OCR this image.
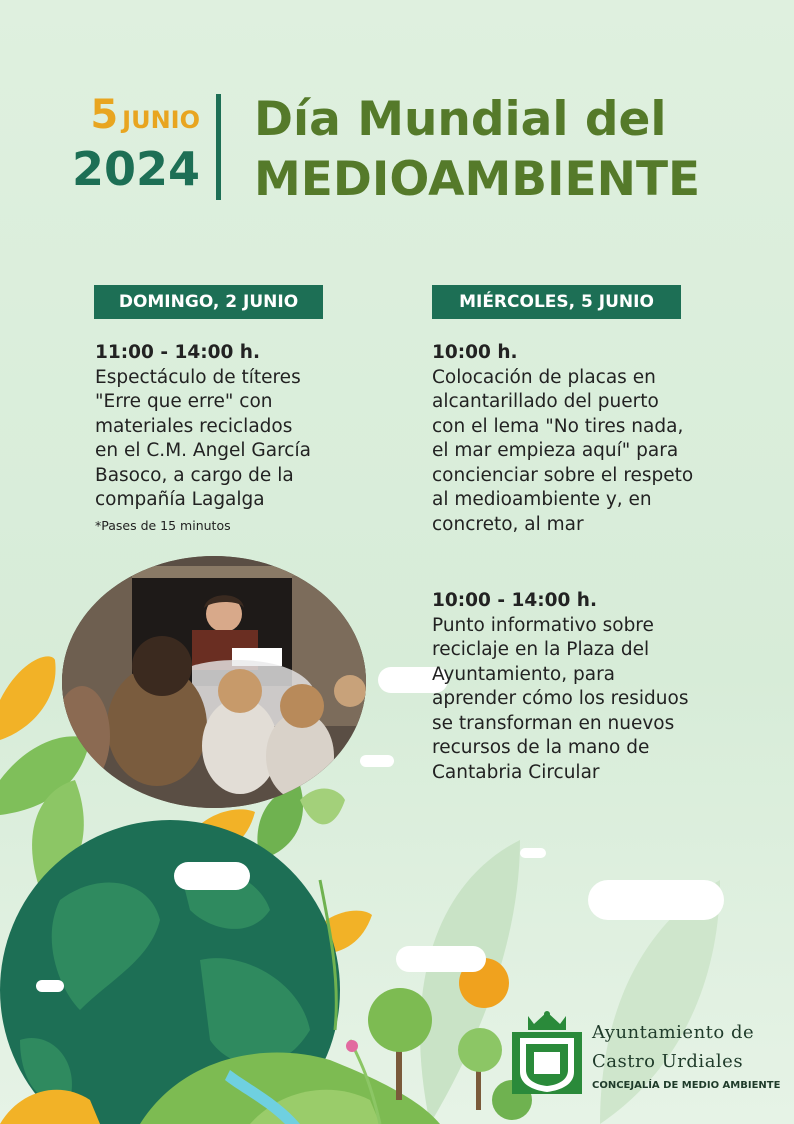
5 JUNIO
2024
Día Mundial del
MEDIOAMBIENTE
DOMINGO, 2 JUNIO
11:00 - 14:00 h.
Espectáculo de títeres
"Erre que erre" con
materiales reciclados
en el C.M. Angel García
Basoco, a cargo de la
compañía Lagalga
*Pases de 15 minutos
MIÉRCOLES, 5 JUNIO
10:00 h.
Colocación de placas en
alcantarillado del puerto
con el lema "No tires nada,
el mar empieza aquí" para
concienciar sobre el respeto
al medioambiente y, en
concreto, al mar
10:00 - 14:00 h.
Punto informativo sobre
reciclaje en la Plaza del
Ayuntamiento, para
aprender cómo los residuos
se transforman en nuevos
recursos de la mano de
Cantabria Circular
Ayuntamiento de
Castro Urdiales
CONCEJALÍA DE MEDIO AMBIENTE
